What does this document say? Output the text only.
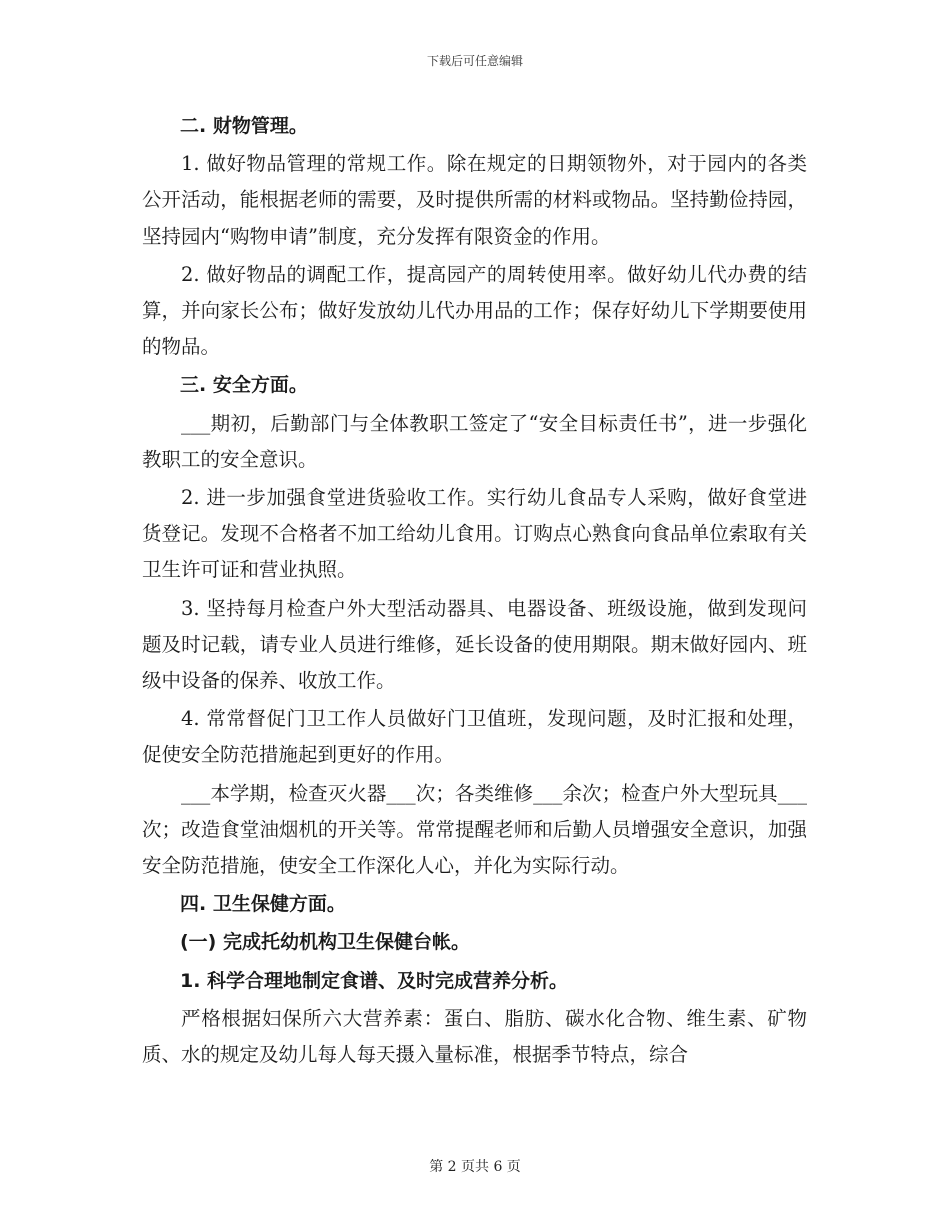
下载后可任意编辑

二. 财物管理。

1. 做好物品管理的常规工作。除在规定的日期领物外，对于园内的各类公开活动，能根据老师的需要，及时提供所需的材料或物品。坚持勤俭持园，坚持园内“购物申请”制度，充分发挥有限资金的作用。

2. 做好物品的调配工作，提高园产的周转使用率。做好幼儿代办费的结算，并向家长公布；做好发放幼儿代办用品的工作；保存好幼儿下学期要使用的物品。

三. 安全方面。

___期初，后勤部门与全体教职工签定了“安全目标责任书”，进一步强化教职工的安全意识。

2. 进一步加强食堂进货验收工作。实行幼儿食品专人采购，做好食堂进货登记。发现不合格者不加工给幼儿食用。订购点心熟食向食品单位索取有关卫生许可证和营业执照。

3. 坚持每月检查户外大型活动器具、电器设备、班级设施，做到发现问题及时记载，请专业人员进行维修，延长设备的使用期限。期末做好园内、班级中设备的保养、收放工作。

4. 常常督促门卫工作人员做好门卫值班，发现问题，及时汇报和处理，促使安全防范措施起到更好的作用。

___本学期，检查灭火器___次；各类维修___余次；检查户外大型玩具___次；改造食堂油烟机的开关等。常常提醒老师和后勤人员增强安全意识，加强安全防范措施，使安全工作深化人心，并化为实际行动。

四. 卫生保健方面。

(一) 完成托幼机构卫生保健台帐。

1. 科学合理地制定食谱、及时完成营养分析。

严格根据妇保所六大营养素：蛋白、脂肪、碳水化合物、维生素、矿物质、水的规定及幼儿每人每天摄入量标准，根据季节特点，综合

第 2 页共 6 页
